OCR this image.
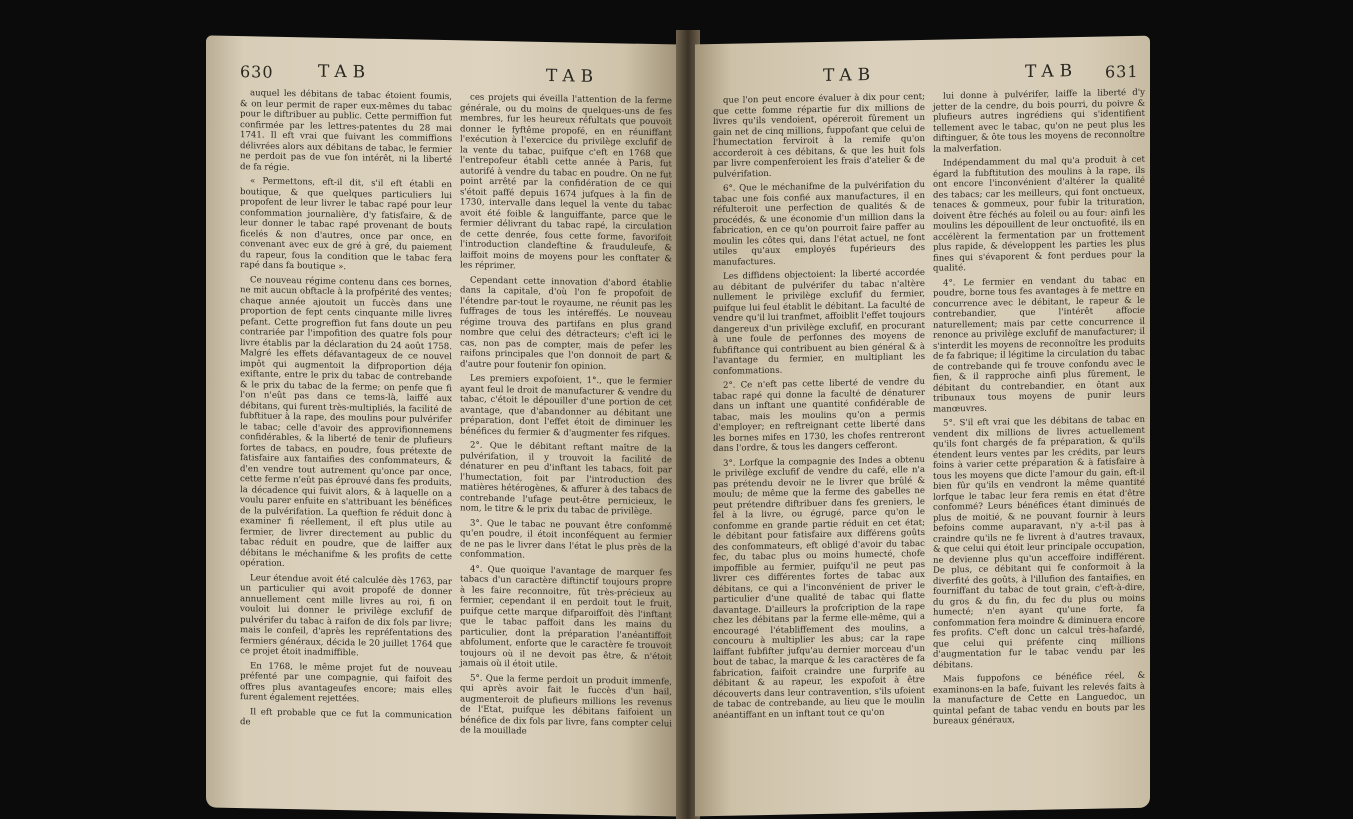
630	TAB	TAB

auquel les débitans de tabac étoient foumis, & on leur permit de raper eux-mêmes du tabac pour le diftribuer au public. Cette permiffion fut confirmée par les lettres-patentes du 28 mai 1741. Il eft vrai que fuivant les commiffions délivrées alors aux débitans de tabac, le fermier ne perdoit pas de vue fon intérêt, ni la liberté de fa régie.

« Permettons, eft-il dit, s'il eft établi en boutique, & que quelques particuliers lui propofent de leur livrer le tabac rapé pour leur confommation journalière, d'y fatisfaire, & de leur donner le tabac rapé provenant de bouts ficelés & non d'autres, once par once, en convenant avec eux de gré à gré, du paiement du rapeur, fous la condition que le tabac fera rapé dans fa boutique ».

Ce nouveau régime contenu dans ces bornes, ne mit aucun obftacle à la profpérité des ventes; chaque année ajoutoit un fuccès dans une proportion de fept cents cinquante mille livres pefant. Cette progreffion fut fans doute un peu contrariée par l'impofition des quatre fols pour livre établis par la déclaration du 24 août 1758. Malgré les effets défavantageux de ce nouvel impôt qui augmentoit la difproportion déja exiftante, entre le prix du tabac de contrebande & le prix du tabac de la ferme; on penfe que fi l'on n'eût pas dans ce tems-là, laiffé aux débitans, qui furent très-multipliés, la facilité de fubftituer à la rape, des moulins pour pulvérifer le tabac; celle d'avoir des approvifionnemens confidérables, & la liberté de tenir de plufieurs fortes de tabacs, en poudre, fous prétexte de fatisfaire aux fantaifies des confommateurs, & d'en vendre tout autrement qu'once par once, cette ferme n'eût pas éprouvé dans fes produits, la décadence qui fuivit alors, & à laquelle on a voulu parer enfuite en s'attribuant les bénéfices de la pulvérifation. La queftion fe réduit donc à examiner fi réellement, il eft plus utile au fermier, de livrer directement au public du tabac réduit en poudre, que de laiffer aux débitans le méchanifme & les profits de cette opération.

Leur étendue avoit été calculée dès 1763, par un particulier qui avoit propofé de donner annuellement cent mille livres au roi, fi on vouloit lui donner le privilège exclufif de pulvérifer du tabac à raifon de dix fols par livre; mais le confeil, d'après les repréfentations des fermiers généraux, décida le 20 juillet 1764 que ce projet étoit inadmiffible.

En 1768, le même projet fut de nouveau préfenté par une compagnie, qui faifoit des offres plus avantageufes encore; mais elles furent également rejettées.

Il eft probable que ce fut la communication de

ces projets qui éveilla l'attention de la ferme générale, ou du moins de quelques-uns de fes membres, fur les heureux réfultats que pouvoit donner le fyftême propofé, en en réuniffant l'exécution à l'exercice du privilège exclufif de la vente du tabac, puifque c'eft en 1768 que l'entrepofeur établi cette année à Paris, fut autorifé à vendre du tabac en poudre. On ne fut point arrêté par la confidération de ce qui s'étoit paffé depuis 1674 jufques à la fin de 1730, intervalle dans lequel la vente du tabac avoit été foible & languiffante, parce que le fermier délivrant du tabac rapé, la circulation de cette denrée, fous cette forme, favorifoit l'introduction clandeftine & frauduleufe, & laiffoit moins de moyens pour les conftater & les réprimer.

Cependant cette innovation d'abord établie dans la capitale, d'où l'on fe propofoit de l'étendre par-tout le royaume, ne réunit pas les fuffrages de tous les intéreffés. Le nouveau régime trouva des partifans en plus grand nombre que celui des détracteurs; c'eft ici le cas, non pas de compter, mais de pefer les raifons principales que l'on donnoit de part & d'autre pour foutenir fon opinion.

Les premiers expofoient, 1°., que le fermier ayant feul le droit de manufacturer & vendre du tabac, c'étoit le dépouiller d'une portion de cet avantage, que d'abandonner au débitant une préparation, dont l'effet étoit de diminuer les bénéfices du fermier & d'augmenter fes rifques.

2°. Que le débitant reftant maître de la pulvérifation, il y trouvoit la facilité de dénaturer en peu d'inftant les tabacs, foit par l'humectation, foit par l'introduction des matières hétérogènes, & affurer à des tabacs de contrebande l'ufage peut-être pernicieux, le nom, le titre & le prix du tabac de privilège.

3°. Que le tabac ne pouvant être confommé qu'en poudre, il étoit inconféquent au fermier de ne pas le livrer dans l'état le plus près de la confommation.

4°. Que quoique l'avantage de marquer fes tabacs d'un caractère diftinctif toujours propre à les faire reconnoitre, fût très-précieux au fermier, cependant il en perdoit tout le fruit, puifque cette marque difparoiffoit dès l'inftant que le tabac paffoit dans les mains du particulier, dont la préparation l'anéantiffoit abfolument, enforte que le caractère fe trouvoit toujours où il ne devoit pas être, & n'étoit jamais où il étoit utile.

5°. Que la ferme perdoit un produit immenfe, qui après avoir fait le fuccès d'un bail, augmenteroit de plufieurs millions les revenus de l'Etat, puifque les débitans faifoient un bénéfice de dix fols par livre, fans compter celui de la mouillade

TAB	TAB 631

que l'on peut encore évaluer à dix pour cent; que cette fomme répartie fur dix millions de livres qu'ils vendoient, opéreroit fûrement un gain net de cinq millions, fuppofant que celui de l'humectation ferviroit à la remife qu'on accorderoit à ces débitans, & que les huit fols par livre compenferoient les frais d'atelier & de pulvérifation.

6°. Que le méchanifme de la pulvérifation du tabac une fois confié aux manufactures, il en réfulteroit une perfection de qualités & de procédés, & une économie d'un million dans la fabrication, en ce qu'on pourroit faire paffer au moulin les côtes qui, dans l'état actuel, ne font utiles qu'aux employés fupérieurs des manufactures.

Les diffidens objectoient: la liberté accordée au débitant de pulvérifer du tabac n'altère nullement le privilège exclufif du fermier, puifque lui feul établit le débitant. La faculté de vendre qu'il lui tranfmet, affoiblit l'effet toujours dangereux d'un privilège exclufif, en procurant à une foule de perfonnes des moyens de fubfiftance qui contribuent au bien général & à l'avantage du fermier, en multipliant les confommations.

2°. Ce n'eft pas cette liberté de vendre du tabac rapé qui donne la faculté de dénaturer dans un inftant une quantité confidérable de tabac, mais les moulins qu'on a permis d'employer; en reftreignant cette liberté dans les bornes mifes en 1730, les chofes rentreront dans l'ordre, & tous les dangers cefferont.

3°. Lorfque la compagnie des Indes a obtenu le privilège exclufif de vendre du café, elle n'a pas prétendu devoir ne le livrer que brûlé & moulu; de même que la ferme des gabelles ne peut prétendre diftribuer dans fes greniers, le fel à la livre, ou égrugé, parce qu'on le confomme en grande partie réduit en cet état; le débitant pour fatisfaire aux différens goûts des confommateurs, eft obligé d'avoir du tabac fec, du tabac plus ou moins humecté, chofe impoffible au fermier, puifqu'il ne peut pas livrer ces différentes fortes de tabac aux débitans, ce qui a l'inconvénient de priver le particulier d'une qualité de tabac qui flatte davantage. D'ailleurs la profcription de la rape chez les débitans par la ferme elle-même, qui a encouragé l'établiffement des moulins, a concouru à multiplier les abus; car la rape laiffant fubfifter jufqu'au dernier morceau d'un bout de tabac, la marque & les caractères de fa fabrication, faifoit craindre une furprife au débitant & au rapeur, les expofoit à être découverts dans leur contravention, s'ils ufoient de tabac de contrebande, au lieu que le moulin anéantiffant en un inftant tout ce qu'on

lui donne à pulvérifer, laiffe la liberté d'y jetter de la cendre, du bois pourri, du poivre & plufieurs autres ingrédiens qui s'identifient tellement avec le tabac, qu'on ne peut plus les diftinguer, & ôte tous les moyens de reconnoître la malverfation.

Indépendamment du mal qu'a produit à cet égard la fubftitution des moulins à la rape, ils ont encore l'inconvénient d'altérer la qualité des tabacs; car les meilleurs, qui font onctueux, tenaces & gommeux, pour fubir la trituration, doivent être féchés au foleil ou au four: ainfi les moulins les dépouillent de leur onctuofité, ils en accélèrent la fermentation par un frottement plus rapide, & développent les parties les plus fines qui s'évaporent & font perdues pour la qualité.

4°. Le fermier en vendant du tabac en poudre, borne tous fes avantages à fe mettre en concurrence avec le débitant, le rapeur & le contrebandier, que l'intérêt affocie naturellement; mais par cette concurrence il renonce au privilège exclufif de manufacturer; il s'interdit les moyens de reconnoître les produits de fa fabrique; il légitime la circulation du tabac de contrebande qui fe trouve confondu avec le fien, & il rapproche ainfi plus fûrement, le débitant du contrebandier, en ôtant aux tribunaux tous moyens de punir leurs manœuvres.

5°. S'il eft vrai que les débitans de tabac en vendent dix millions de livres actuellement qu'ils font chargés de fa préparation, & qu'ils étendent leurs ventes par les crédits, par leurs foins à varier cette préparation & à fatisfaire à tous les moyens que dicte l'amour du gain, eft-il bien fûr qu'ils en vendront la même quantité lorfque le tabac leur fera remis en état d'être confommé? Leurs bénéfices étant diminués de plus de moitié, & ne pouvant fournir à leurs befoins comme auparavant, n'y a-t-il pas à craindre qu'ils ne fe livrent à d'autres travaux, & que celui qui étoit leur principale occupation, ne devienne plus qu'un acceffoire indifférent. De plus, ce débitant qui fe conformoit à la diverfité des goûts, à l'illufion des fantaifies, en fourniffant du tabac de tout grain, c'eft-à-dire, du gros & du fin, du fec du plus ou moins humecté; n'en ayant qu'une forte, fa confommation fera moindre & diminuera encore fes profits. C'eft donc un calcul très-hafardé, que celui qui préfente cinq millions d'augmentation fur le tabac vendu par les débitans.

Mais fuppofons ce bénéfice réel, & examinons-en la bafe, fuivant les relevés faits à la manufacture de Cette en Languedoc, un quintal pefant de tabac vendu en bouts par les bureaux généraux,
